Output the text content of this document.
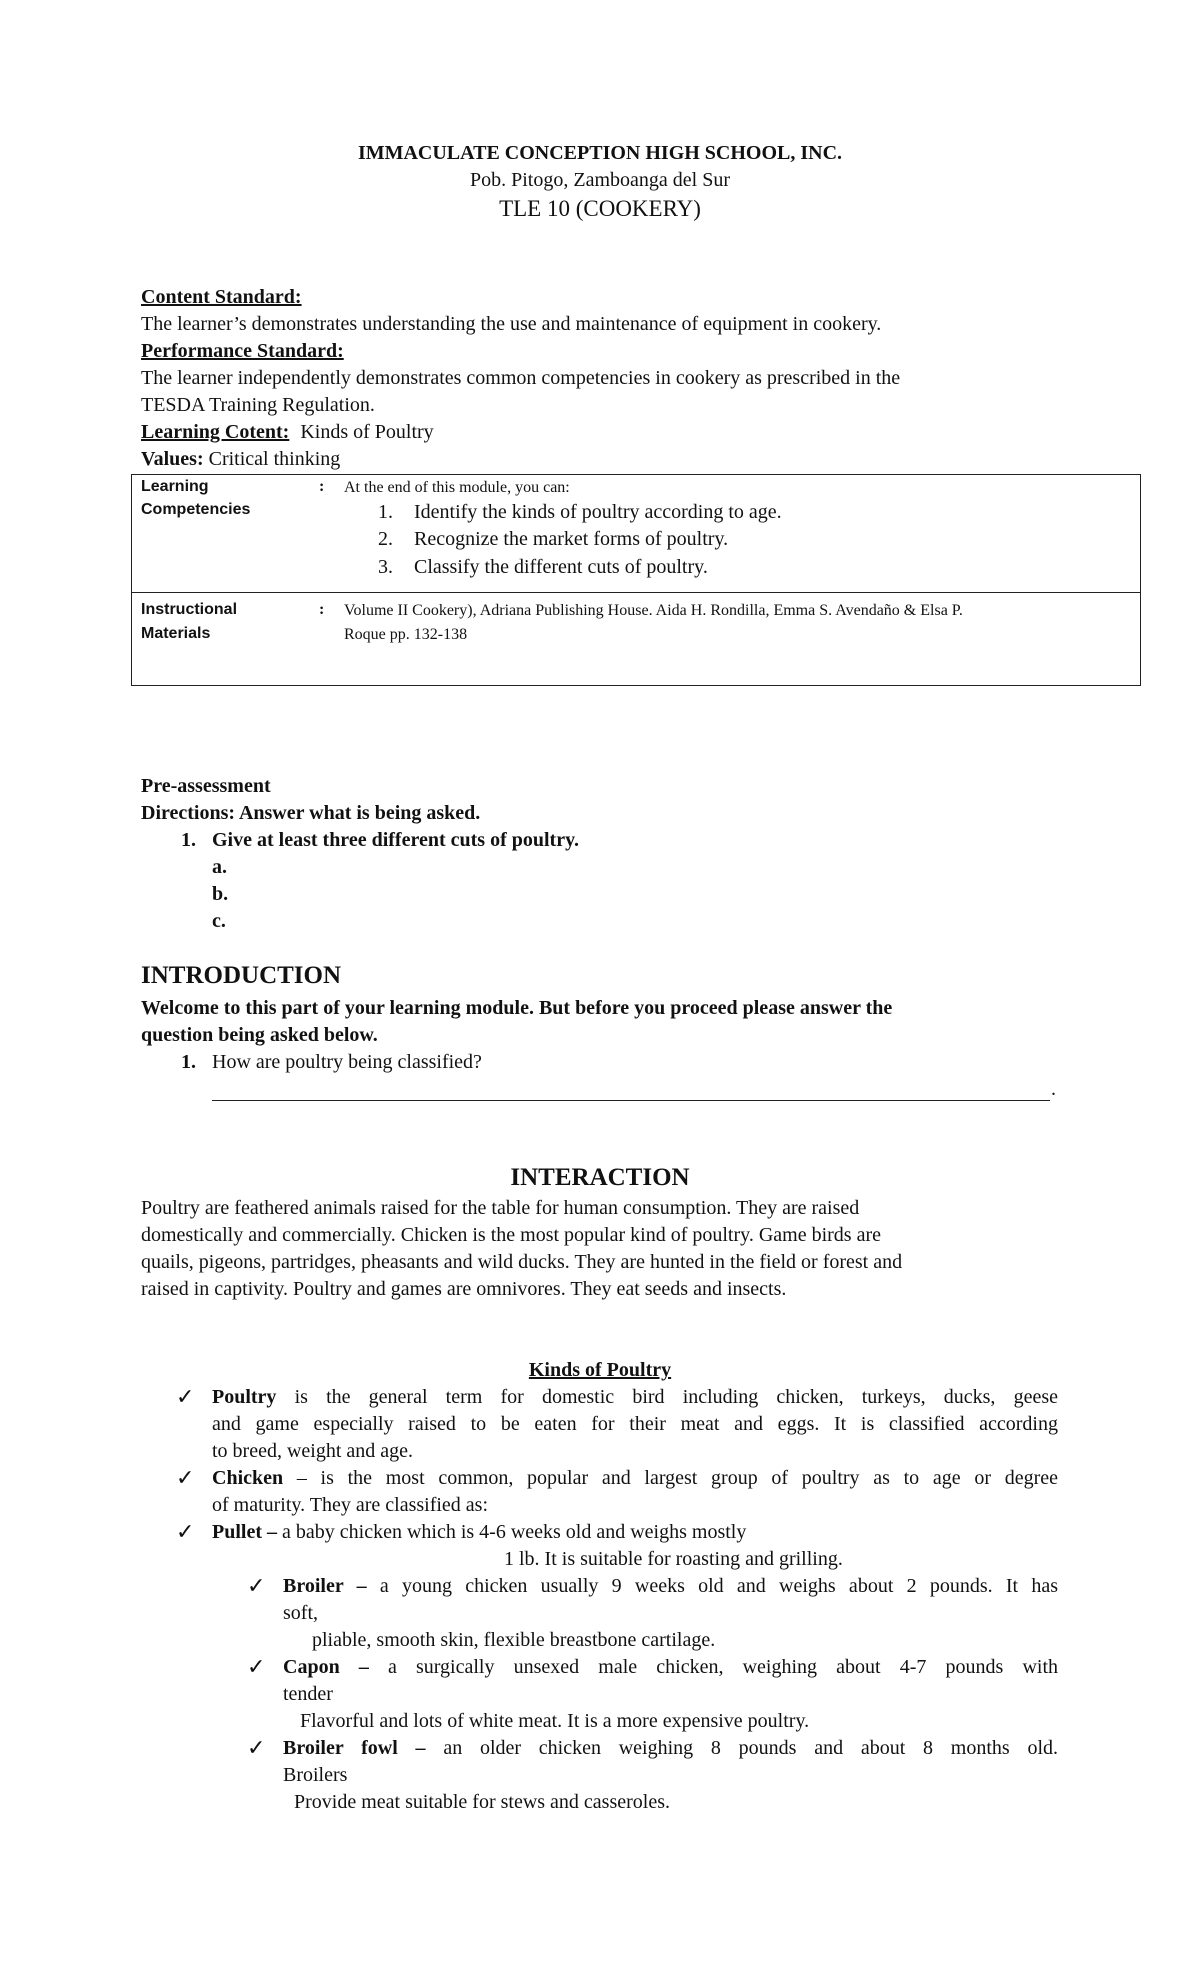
IMMACULATE CONCEPTION HIGH SCHOOL, INC.
Pob. Pitogo, Zamboanga del Sur
TLE 10 (COOKERY)
Content Standard:
The learner’s demonstrates understanding the use and maintenance of equipment in cookery.
Performance Standard:
The learner independently demonstrates common competencies in cookery as prescribed in the
TESDA Training Regulation.
Learning Cotent: Kinds of Poultry
Values: Critical thinking
Learning
Competencies
: At the end of this module, you can:
1. Identify the kinds of poultry according to age.
2. Recognize the market forms of poultry.
3. Classify the different cuts of poultry.
Instructional
Materials
: Volume II Cookery), Adriana Publishing House. Aida H. Rondilla, Emma S. Avendaño & Elsa P.
Roque pp. 132-138
Pre-assessment
Directions: Answer what is being asked.
1. Give at least three different cuts of poultry.
a.
b.
c.
INTRODUCTION
Welcome to this part of your learning module. But before you proceed please answer the
question being asked below.
1. How are poultry being classified?
.
INTERACTION
Poultry are feathered animals raised for the table for human consumption. They are raised
domestically and commercially. Chicken is the most popular kind of poultry. Game birds are
quails, pigeons, partridges, pheasants and wild ducks. They are hunted in the field or forest and
raised in captivity. Poultry and games are omnivores. They eat seeds and insects.
Kinds of Poultry
✓ Poultry is the general term for domestic bird including chicken, turkeys, ducks, geese
and game especially raised to be eaten for their meat and eggs. It is classified according
to breed, weight and age.
✓ Chicken – is the most common, popular and largest group of poultry as to age or degree
of maturity. They are classified as:
✓ Pullet – a baby chicken which is 4-6 weeks old and weighs mostly
1 lb. It is suitable for roasting and grilling.
✓ Broiler – a young chicken usually 9 weeks old and weighs about 2 pounds. It has
soft,
pliable, smooth skin, flexible breastbone cartilage.
✓ Capon – a surgically unsexed male chicken, weighing about 4-7 pounds with
tender
Flavorful and lots of white meat. It is a more expensive poultry.
✓ Broiler fowl – an older chicken weighing 8 pounds and about 8 months old.
Broilers
Provide meat suitable for stews and casseroles.
